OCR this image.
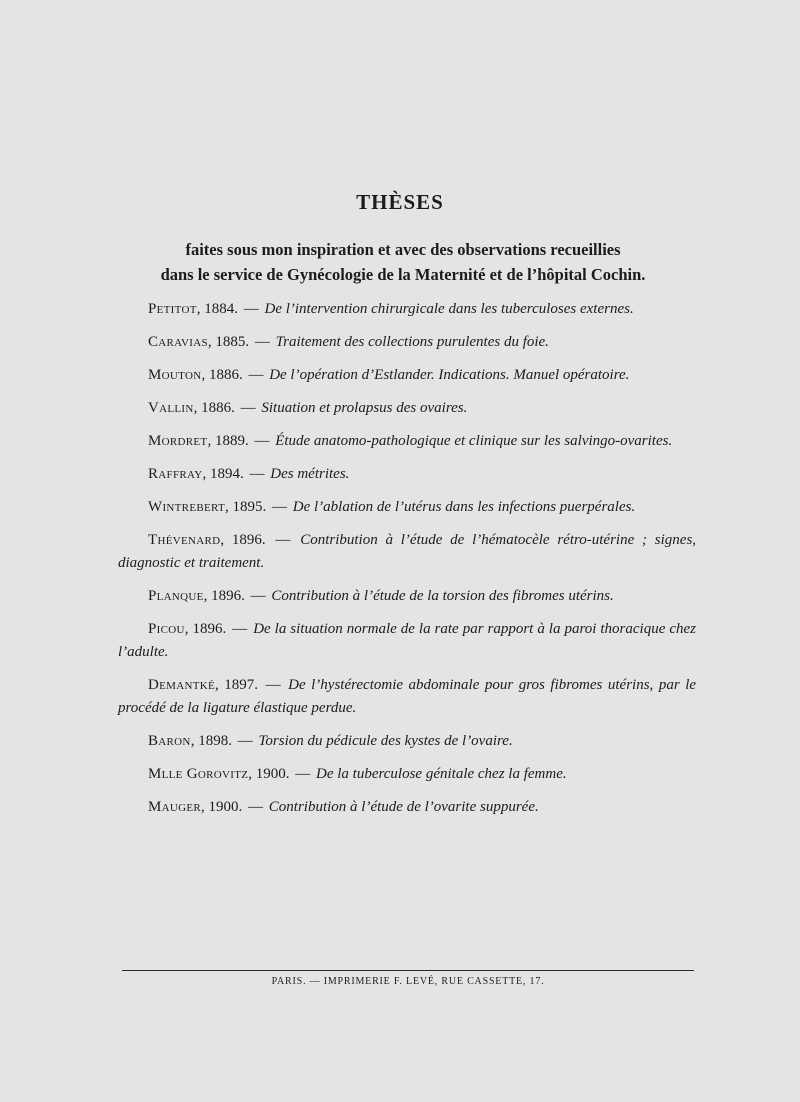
THÈSES
faites sous mon inspiration et avec des observations recueillies
dans le service de Gynécologie de la Maternité et de l’hôpital Cochin.

Petitot, 1884. — De l’intervention chirurgicale dans les tuberculoses externes.

Caravias, 1885. — Traitement des collections purulentes du foie.

Mouton, 1886. — De l’opération d’Estlander. Indications. Manuel opératoire.

Vallin, 1886. — Situation et prolapsus des ovaires.

Mordret, 1889. — Étude anatomo-pathologique et clinique sur les salvingo-ovarites.

Raffray, 1894. — Des métrites.

Wintrebert, 1895. — De l’ablation de l’utérus dans les infections puerpérales.

Thévenard, 1896. — Contribution à l’étude de l’hématocèle rétro-utérine ; signes, diagnostic et traitement.

Planque, 1896. — Contribution à l’étude de la torsion des fibromes utérins.

Picou, 1896. — De la situation normale de la rate par rapport à la paroi thoracique chez l’adulte.

Demantké, 1897. — De l’hystérectomie abdominale pour gros fibromes utérins, par le procédé de la ligature élastique perdue.

Baron, 1898. — Torsion du pédicule des kystes de l’ovaire.

Mlle Gorovitz, 1900. — De la tuberculose génitale chez la femme.

Mauger, 1900. — Contribution à l’étude de l’ovarite suppurée.

PARIS. — IMPRIMERIE F. LEVÉ, RUE CASSETTE, 17.
